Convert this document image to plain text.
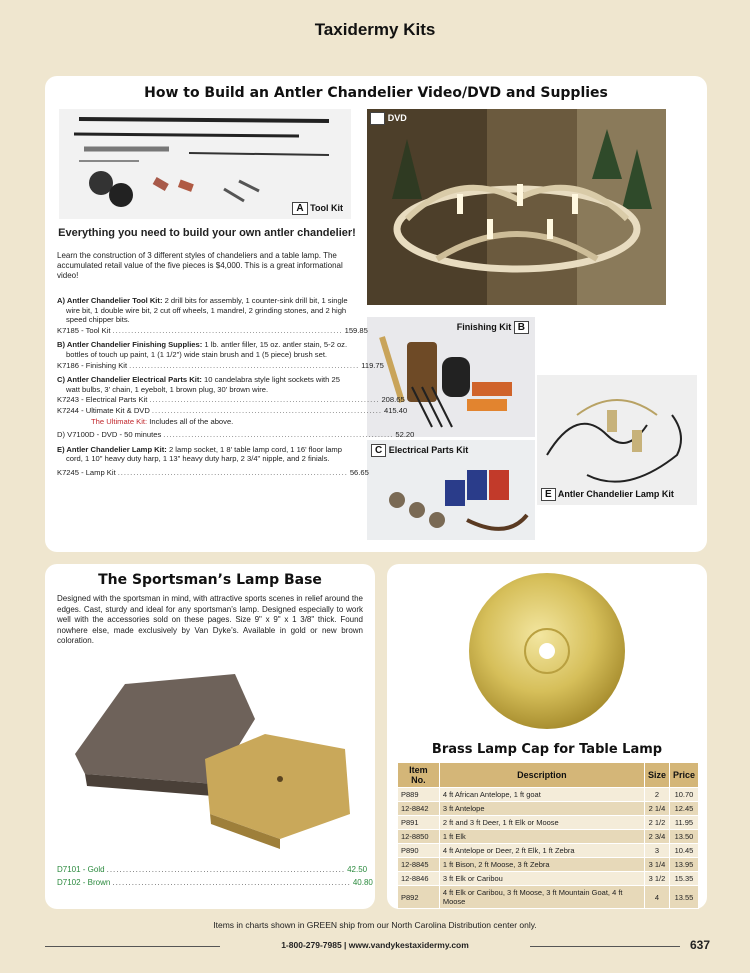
Taxidermy Kits
How to Build an Antler Chandelier Video/DVD and Supplies
A Tool Kit
D DVD
Finishing Kit B
C Electrical Parts Kit
E Antler Chandelier Lamp Kit
Everything you need to build your own antler chandelier!
Learn the construction of 3 different styles of chandeliers and a table lamp. The accumulated retail value of the five pieces is $4,000. This is a great informational video!
A) Antler Chandelier Tool Kit: 2 drill bits for assembly, 1 counter-sink drill bit, 1 single wire bit, 1 double wire bit, 2 cut off wheels, 1 mandrel, 2 grinding stones, and 2 high speed chipper bits.
K7185 - Tool Kit .......................................................................... 159.85
B) Antler Chandelier Finishing Supplies: 1 lb. antler filler, 15 oz. antler stain, 5-2 oz. bottles of touch up paint, 1 (1 1/2") wide stain brush and 1 (5 piece) brush set.
K7186 - Finishing Kit .......................................................................... 119.75
C) Antler Chandelier Electrical Parts Kit: 10 candelabra style light sockets with 25 watt bulbs, 3' chain, 1 eyebolt, 1 brown plug, 30' brown wire.
K7243 - Electrical Parts Kit .......................................................................... 208.65
K7244 - Ultimate Kit & DVD .......................................................................... 415.40
The Ultimate Kit: Includes all of the above.
D) V7100D - DVD - 50 minutes .......................................................................... 52.20
E) Antler Chandelier Lamp Kit: 2 lamp socket, 1 8' table lamp cord, 1 16' floor lamp cord, 1 10" heavy duty harp, 1 13" heavy duty harp, 2 3/4" nipple, and 2 finials.
K7245 - Lamp Kit .......................................................................... 56.65
The Sportsman’s Lamp Base
Designed with the sportsman in mind, with attractive sports scenes in relief around the edges. Cast, sturdy and ideal for any sportsman’s lamp. Designed especially to work well with the accessories sold on these pages. Size 9" x 9" x 1 3/8" thick. Found nowhere else, made exclusively by Van Dyke’s. Available in gold or new brown coloration.
D7101 - Gold .......................................................................... 42.50
D7102 - Brown .......................................................................... 40.80
Brass Lamp Cap for Table Lamp
Item No.	Description	Size	Price
P889	4 ft African Antelope, 1 ft goat	2	10.70
12-8842	3 ft Antelope	2 1/4	12.45
P891	2 ft and 3 ft Deer, 1 ft Elk or Moose	2 1/2	11.95
12-8850	1 ft Elk	2 3/4	13.50
P890	4 ft Antelope or Deer, 2 ft Elk, 1 ft Zebra	3	10.45
12-8845	1 ft Bison, 2 ft Moose, 3 ft Zebra	3 1/4	13.95
12-8846	3 ft Elk or Caribou	3 1/2	15.35
P892	4 ft Elk or Caribou, 3 ft Moose, 3 ft Mountain Goat, 4 ft Moose	4	13.55
Items in charts shown in GREEN ship from our North Carolina Distribution center only.
1-800-279-7985 | www.vandykestaxidermy.com	637
